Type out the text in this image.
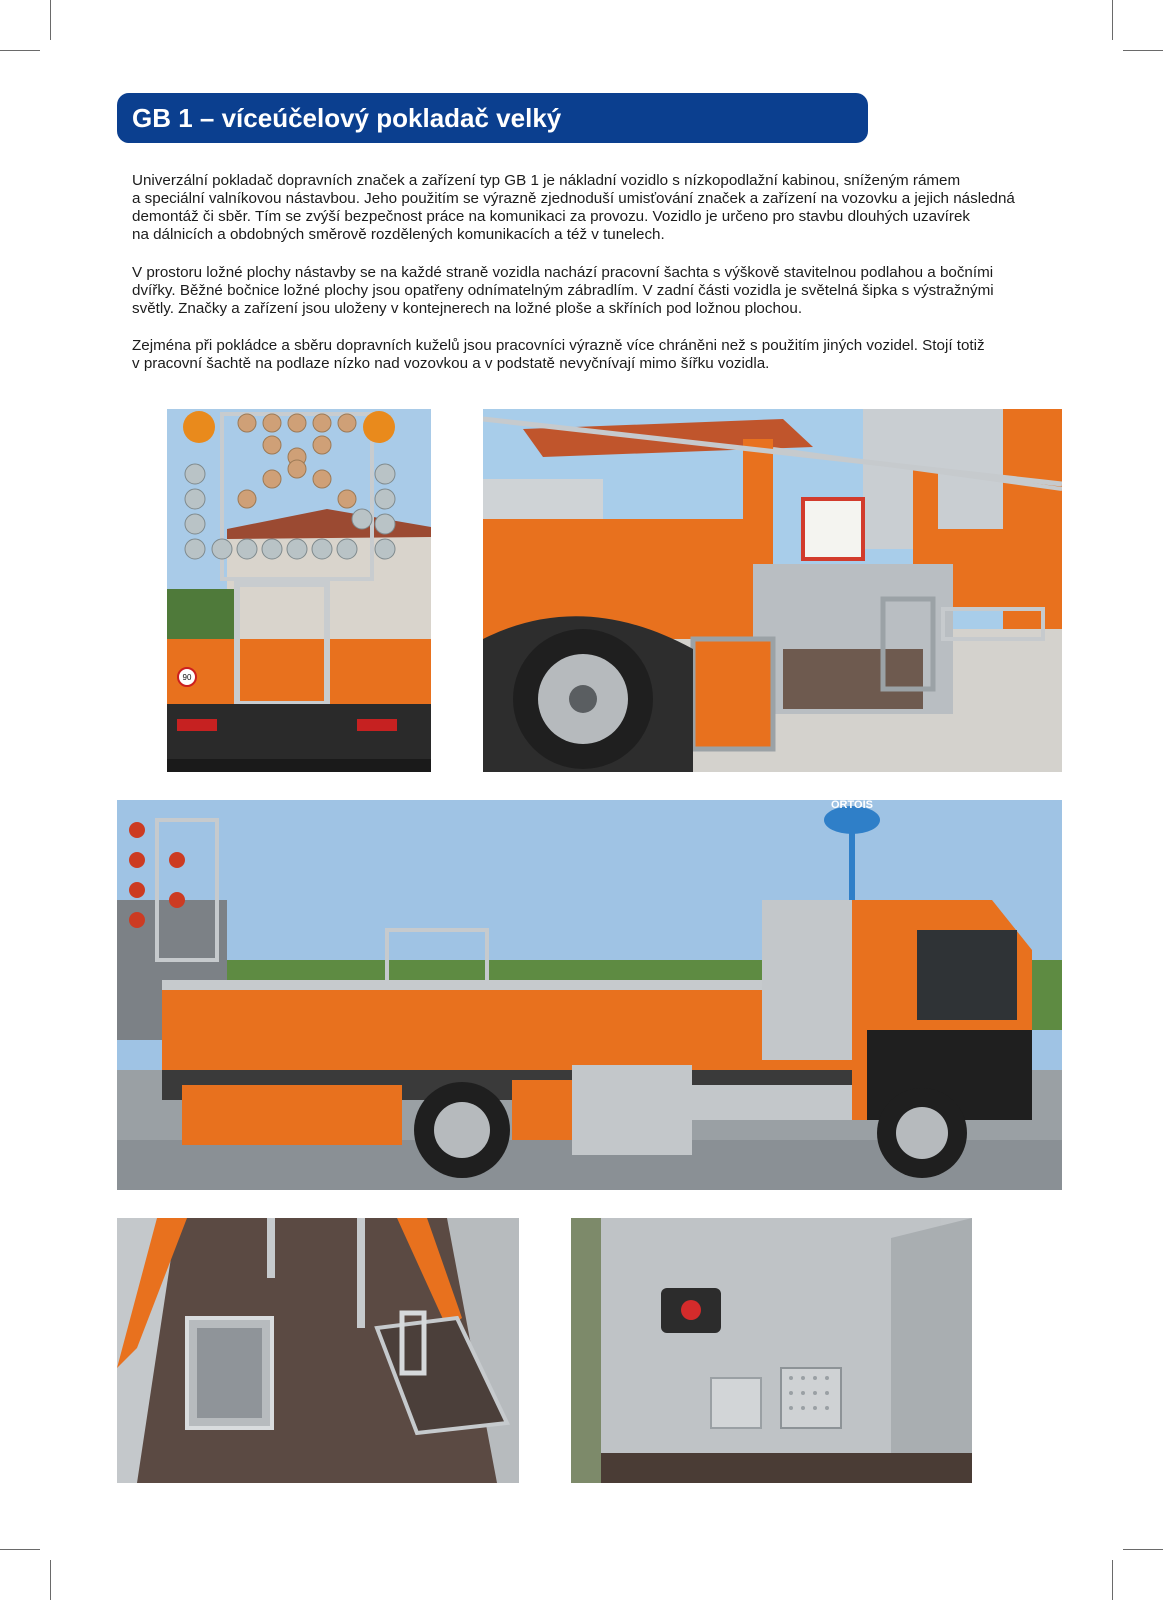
GB 1 – víceúčelový pokladač velký

Univerzální pokladač dopravních značek a zařízení typ GB 1 je nákladní vozidlo s nízkopodlažní kabinou, sníženým rámem
a speciální valníkovou nástavbou. Jeho použitím se výrazně zjednoduší umisťování značek a zařízení na vozovku a jejich následná
demontáž či sběr. Tím se zvýší bezpečnost práce na komunikaci za provozu. Vozidlo je určeno pro stavbu dlouhých uzavírek
na dálnicích a obdobných směrově rozdělených komunikacích a též v tunelech.

V prostoru ložné plochy nástavby se na každé straně vozidla nachází pracovní šachta s výškově stavitelnou podlahou a bočními
dvířky. Běžné bočnice ložné plochy jsou opatřeny odnímatelným zábradlím. V zadní části vozidla je světelná šipka s výstražnými
světly. Značky a zařízení jsou uloženy v kontejnerech na ložné ploše a skříních pod ložnou plochou.

Zejména při pokládce a sběru dopravních kuželů jsou pracovníci výrazně více chráněni než s použitím jiných vozidel. Stojí totiž
v pracovní šachtě na podlaze nízko nad vozovkou a v podstatě nevyčnívají mimo šířku vozidla.

90
ORTOIS
